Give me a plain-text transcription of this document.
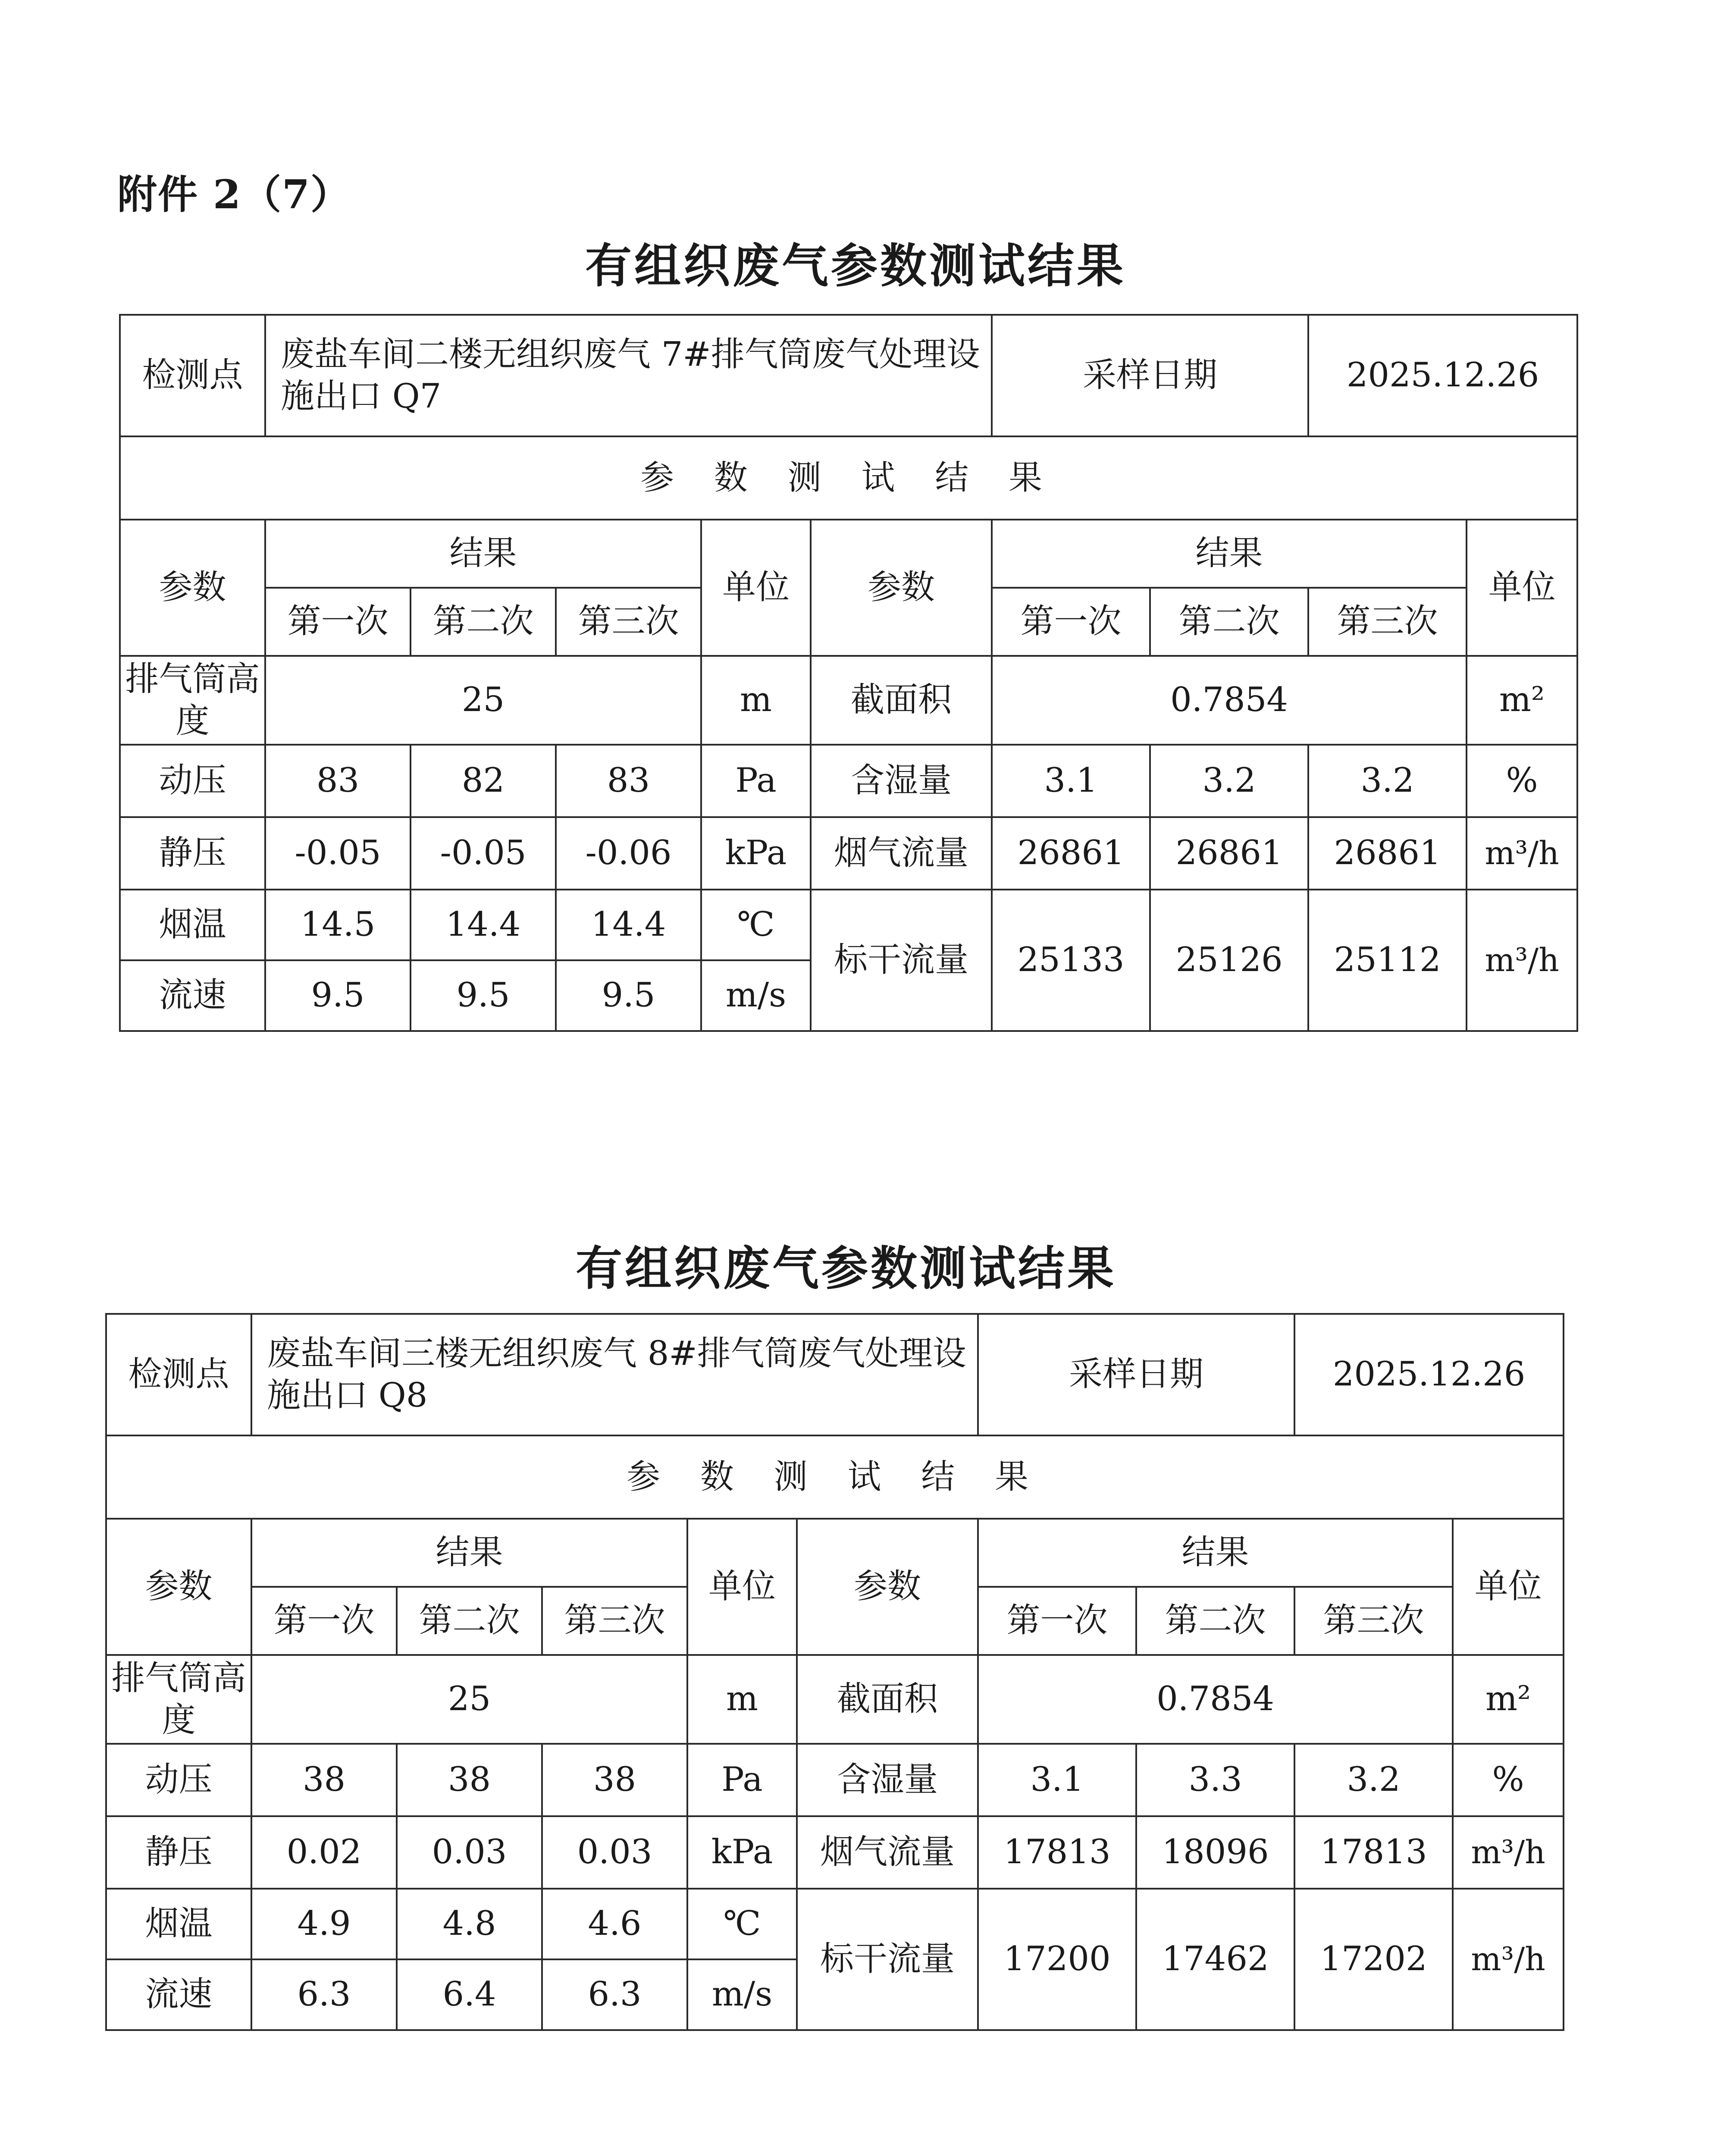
附件 2（7）
有组织废气参数测试结果
检测点	废盐车间二楼无组织废气 7#排气筒废气处理设施出口 Q7					采样日期		2025.12.26	
参 数 测 试 结 果									
参数	结果			单位	参数	结果			单位
	第一次	第二次	第三次			第一次	第二次	第三次	
排气筒高度	25			m	截面积	0.7854			m²
动压	83	82	83	Pa	含湿量	3.1	3.2	3.2	%
静压	-0.05	-0.05	-0.06	kPa	烟气流量	26861	26861	26861	m³/h
烟温	14.5	14.4	14.4	℃	标干流量	25133	25126	25112	m³/h
流速	9.5	9.5	9.5	m/s					
有组织废气参数测试结果
检测点	废盐车间三楼无组织废气 8#排气筒废气处理设施出口 Q8					采样日期		2025.12.26	
参 数 测 试 结 果									
参数	结果			单位	参数	结果			单位
	第一次	第二次	第三次			第一次	第二次	第三次	
排气筒高度	25			m	截面积	0.7854			m²
动压	38	38	38	Pa	含湿量	3.1	3.3	3.2	%
静压	0.02	0.03	0.03	kPa	烟气流量	17813	18096	17813	m³/h
烟温	4.9	4.8	4.6	℃	标干流量	17200	17462	17202	m³/h
流速	6.3	6.4	6.3	m/s					
